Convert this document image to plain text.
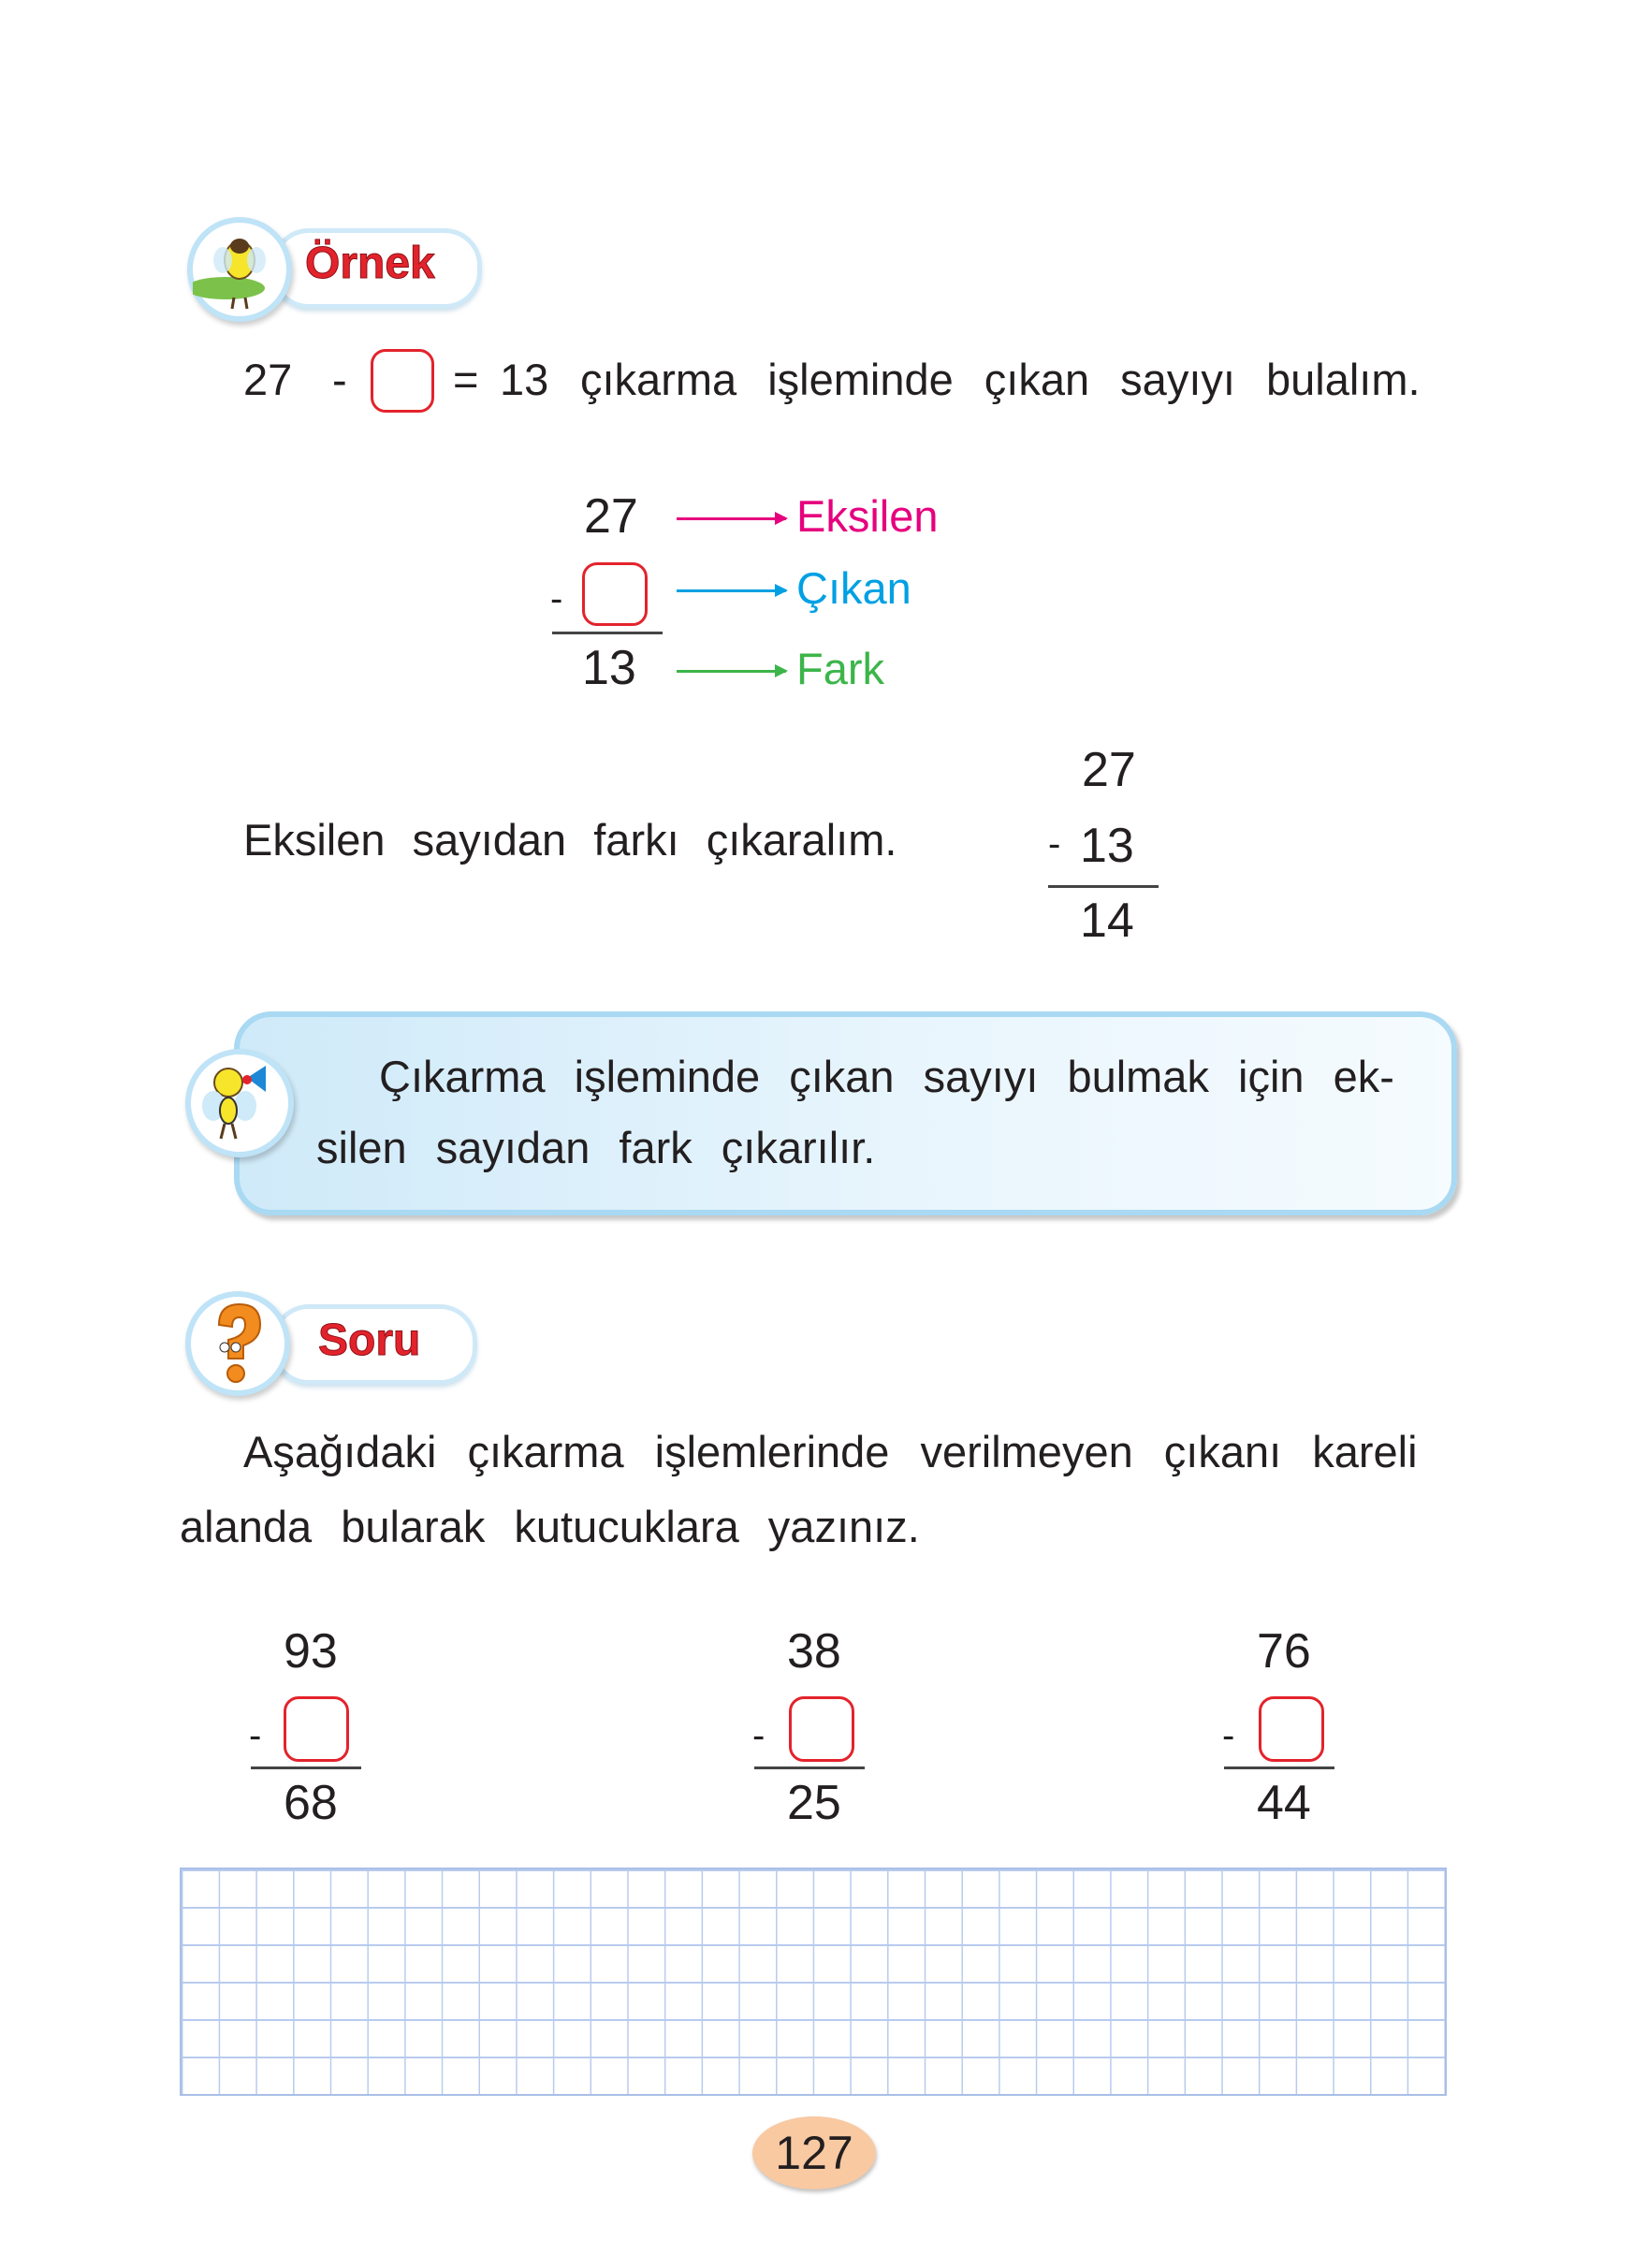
Örnek
27 - = 13 çıkarma işleminde çıkan sayıyı bulalım.
27
-
13
Eksilen
Çıkan
Fark
Eksilen sayıdan farkı çıkaralım.
27
- 13
14
Çıkarma işleminde çıkan sayıyı bulmak için ek-
silen sayıdan fark çıkarılır.
Soru
Aşağıdaki çıkarma işlemlerinde verilmeyen çıkanı kareli
alanda bularak kutucuklara yazınız.
93
-
68
38
-
25
76
-
44
127
